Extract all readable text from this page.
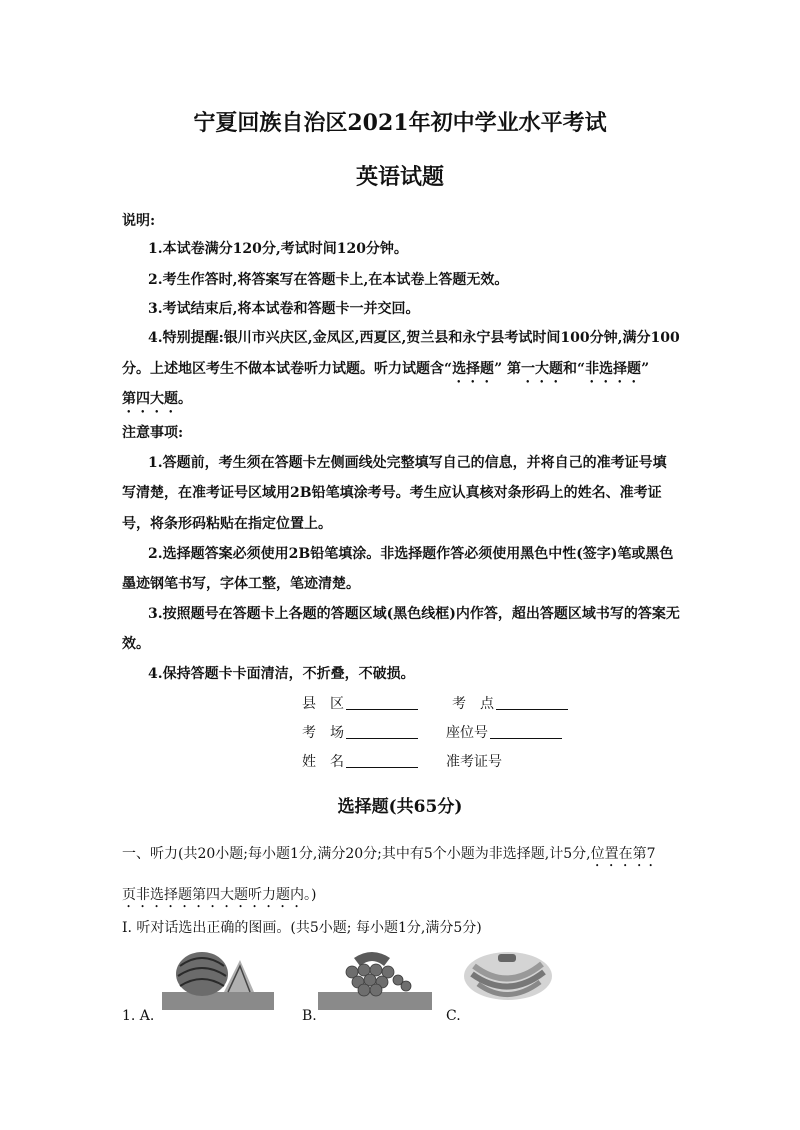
宁夏回族自治区2021年初中学业水平考试
英语试题
说明:
1.本试卷满分120分,考试时间120分钟。
2.考生作答时,将答案写在答题卡上,在本试卷上答题无效。
3.考试结束后,将本试卷和答题卡一并交回。
4.特别提醒:银川市兴庆区,金凤区,西夏区,贺兰县和永宁县考试时间100分钟,满分100
分。上述地区考生不做本试卷听力试题。听力试题含“选择题” 第一大题和“非选择题”
第四大题。
注意事项:
1.答题前，考生须在答题卡左侧画线处完整填写自己的信息，并将自己的准考证号填
写清楚，在准考证号区域用2B铅笔填涂考号。考生应认真核对条形码上的姓名、准考证
号，将条形码粘贴在指定位置上。
2.选择题答案必须使用2B铅笔填涂。非选择题作答必须使用黑色中性(签字)笔或黑色
墨迹钢笔书写，字体工整，笔迹清楚。
3.按照题号在答题卡上各题的答题区域(黑色线框)内作答，超出答题区域书写的答案无
效。
4.保持答题卡卡面清洁，不折叠，不破损。
县　区	考　点
考　场	座位号
姓　名	准考证号
选择题(共65分)
一、听力(共20小题;每小题1分,满分20分;其中有5个小题为非选择题,计5分,位置在第7
页非选择题第四大题听力题内。)
I. 听对话选出正确的图画。(共5小题; 每小题1分,满分5分)
1. A.	B.	C.
